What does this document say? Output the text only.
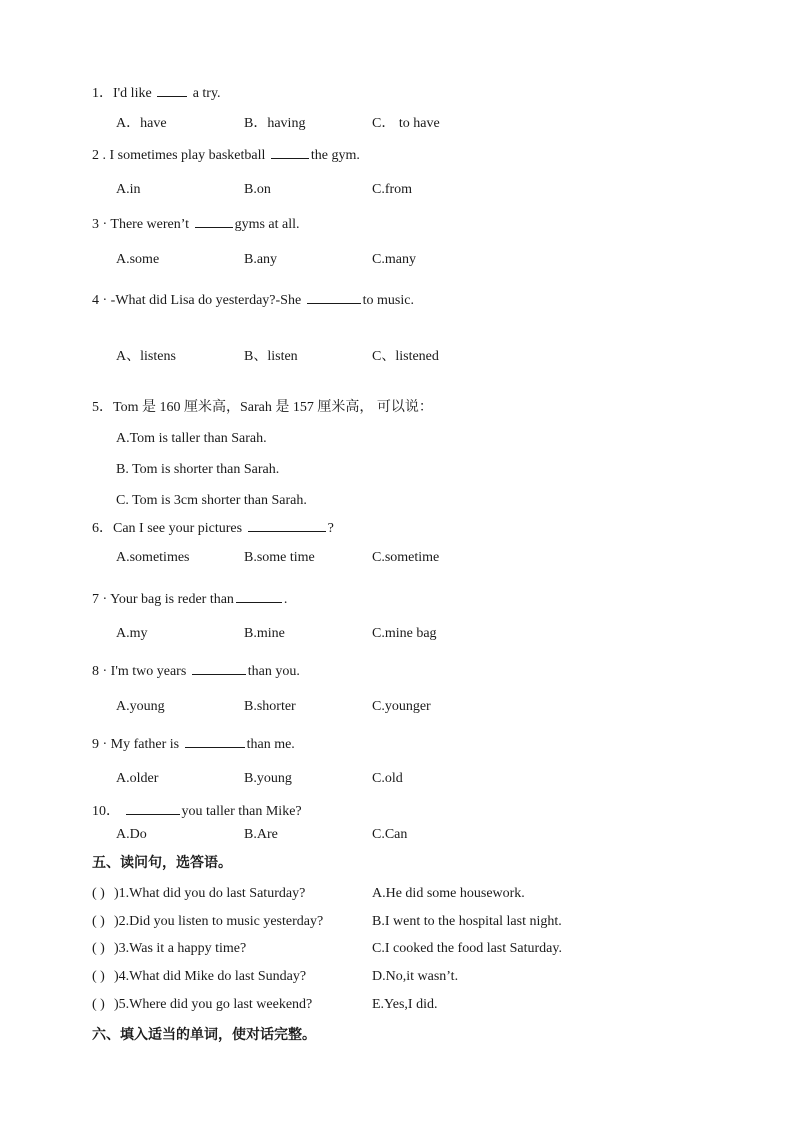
1．I'd like  a try.
A．have	B．having	C． to have
2 . I sometimes play basketball	the gym.
A.in	B.on	C.from
3 · There weren’t	gyms at all.
A.some	B.any	C.many
4 · -What did Lisa do yesterday?-She	to music.
A、listens	B、listen	C、listened
5．Tom 是 160 厘米高，Sarah 是 157 厘米高， 可以说：
A.Tom is taller than Sarah.
B. Tom is shorter than Sarah.
C. Tom is 3cm shorter than Sarah.
6．Can I see your pictures	?
A.sometimes	B.some time	C.sometime
7 · Your bag is reder than	.
A.my	B.mine	C.mine bag
8 · I'm two years	than you.
A.young	B.shorter	C.younger
9 · My father is	than me.
A.older	B.young	C.old
10．	you taller than Mike?
A.Do	B.Are	C.Can
五、读问句，选答语。
( ) )1.What did you do last Saturday?	A.He did some housework.
( ) )2.Did you listen to music yesterday?	B.I went to the hospital last night.
( ) )3.Was it a happy time?	C.I cooked the food last Saturday.
( ) )4.What did Mike do last Sunday?	D.No,it wasn’t.
( ) )5.Where did you go last weekend?	E.Yes,I did.
六、填入适当的单词，使对话完整。
